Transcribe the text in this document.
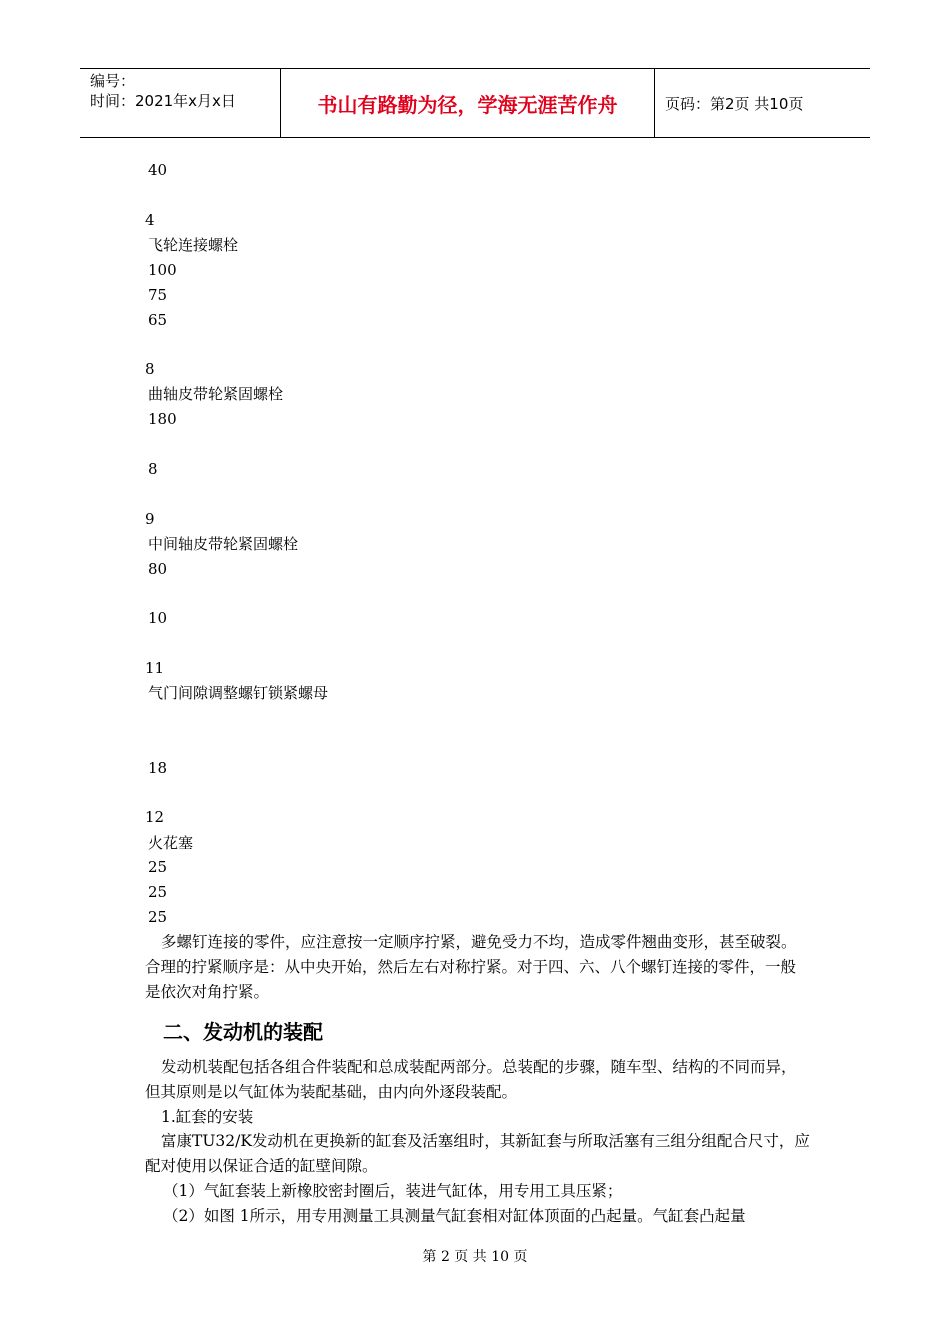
编号：
时间：2021年x月x日	书山有路勤为径，学海无涯苦作舟	页码：第2页 共10页
40
4
飞轮连接螺栓
100
75
65
8
曲轴皮带轮紧固螺栓
180
8
9
中间轴皮带轮紧固螺栓
80
10
11
气门间隙调整螺钉锁紧螺母
18
12
火花塞
25
25
25
多螺钉连接的零件，应注意按一定顺序拧紧，避免受力不均，造成零件翘曲变形，甚至破裂。合理的拧紧顺序是：从中央开始，然后左右对称拧紧。对于四、六、八个螺钉连接的零件，一般是依次对角拧紧。
二、发动机的装配
发动机装配包括各组合件装配和总成装配两部分。总装配的步骤，随车型、结构的不同而异，但其原则是以气缸体为装配基础，由内向外逐段装配。
1.缸套的安装
富康TU32/K发动机在更换新的缸套及活塞组时，其新缸套与所取活塞有三组分组配合尺寸，应配对使用以保证合适的缸壁间隙。
（1）气缸套装上新橡胶密封圈后，装进气缸体，用专用工具压紧；
（2）如图 1所示，用专用测量工具测量气缸套相对缸体顶面的凸起量。气缸套凸起量
第 2 页 共 10 页
